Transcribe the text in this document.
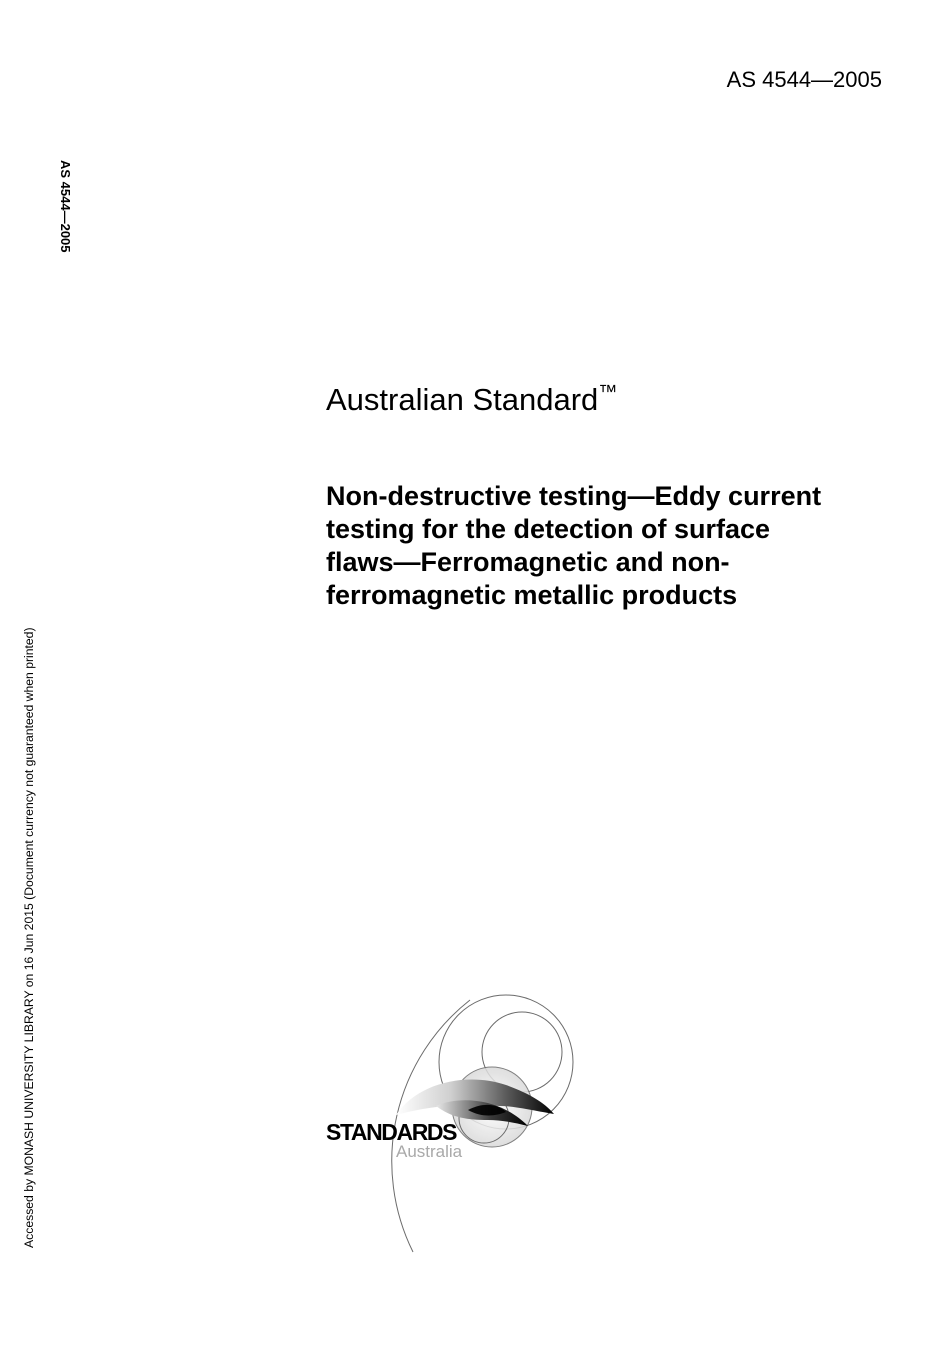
AS 4544—2005
AS 4544—2005
Accessed by MONASH UNIVERSITY LIBRARY on 16 Jun 2015 (Document currency not guaranteed when printed)
Australian Standard™
Non-destructive testing—Eddy current
testing for the detection of surface
flaws—Ferromagnetic and non-
ferromagnetic metallic products
STANDARDS
Australia
